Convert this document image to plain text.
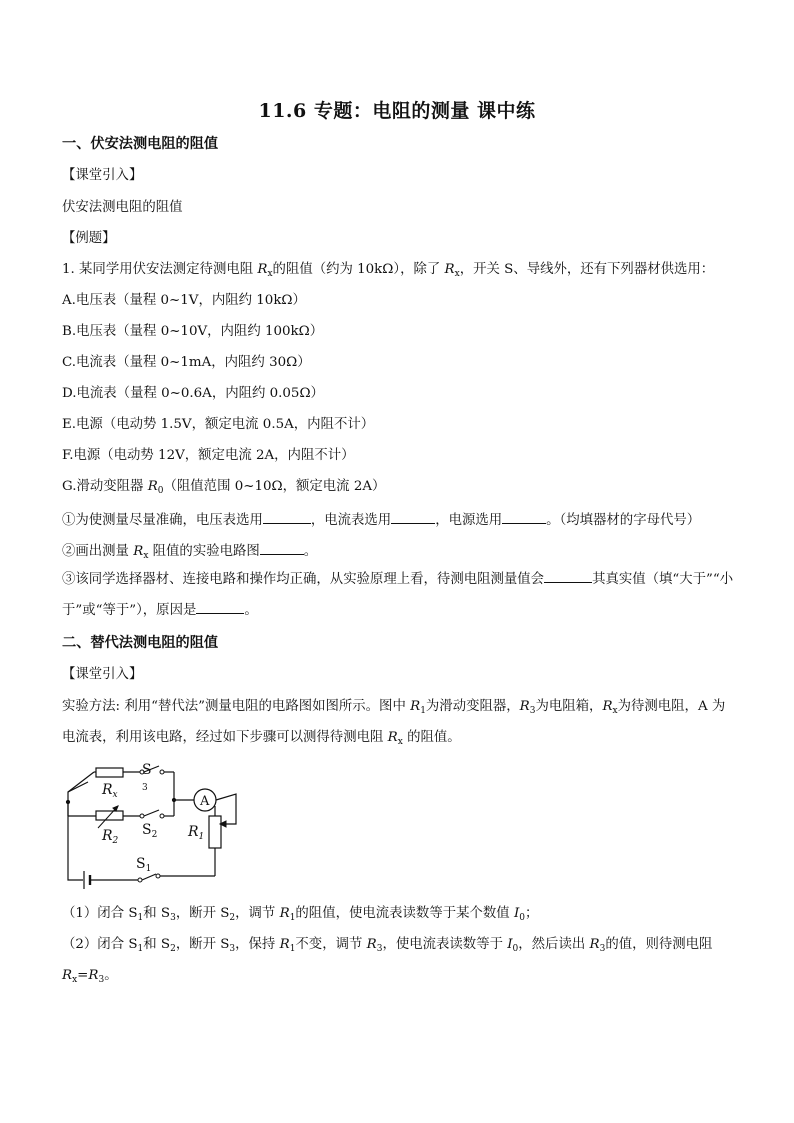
11.6 专题：电阻的测量 课中练
一、伏安法测电阻的阻值
【课堂引入】
伏安法测电阻的阻值
【例题】
1. 某同学用伏安法测定待测电阻 $R_x$的阻值（约为 10kΩ），除了 $R_x$，开关 S、导线外，还有下列器材供选用：
A.电压表（量程 0~1V，内阻约 10kΩ）
B.电压表（量程 0~10V，内阻约 100kΩ）
C.电流表（量程 0~1mA，内阻约 30Ω）
D.电流表（量程 0~0.6A，内阻约 0.05Ω）
E.电源（电动势 1.5V，额定电流 0.5A，内阻不计）
F.电源（电动势 12V，额定电流 2A，内阻不计）
G.滑动变阻器 $R_0$（阻值范围 0~10Ω，额定电流 2A）
①为使测量尽量准确，电压表选用	，电流表选用	，电源选用	。（均填器材的字母代号）
②画出测量 $R_x$ 阻值的实验电路图	。
③该同学选择器材、连接电路和操作均正确，从实验原理上看，待测电阻测量值会	其真实值（填“大于”“小于”或“等于”），原因是	。
二、替代法测电阻的阻值
【课堂引入】
实验方法: 利用“替代法”测量电阻的电路图如图所示。图中 $R_1$为滑动变阻器，$R_3$为电阻箱，$R_x$为待测电阻，A 为电流表，利用该电路，经过如下步骤可以测得待测电阻 $R_x$ 的阻值。
$R_x$
S
3
$R_2$
$S_2$ $R_1$
$S_1$
A
（1）闭合 $S_1$和 $S_3$，断开 $S_2$，调节 $R_1$的阻值，使电流表读数等于某个数值 $I_0$；
（2）闭合 $S_1$和 $S_2$，断开 $S_3$，保持 $R_1$不变，调节 $R_3$，使电流表读数等于 $I_0$，然后读出 $R_3$的值，则待测电阻 $R_x=R_3$。
